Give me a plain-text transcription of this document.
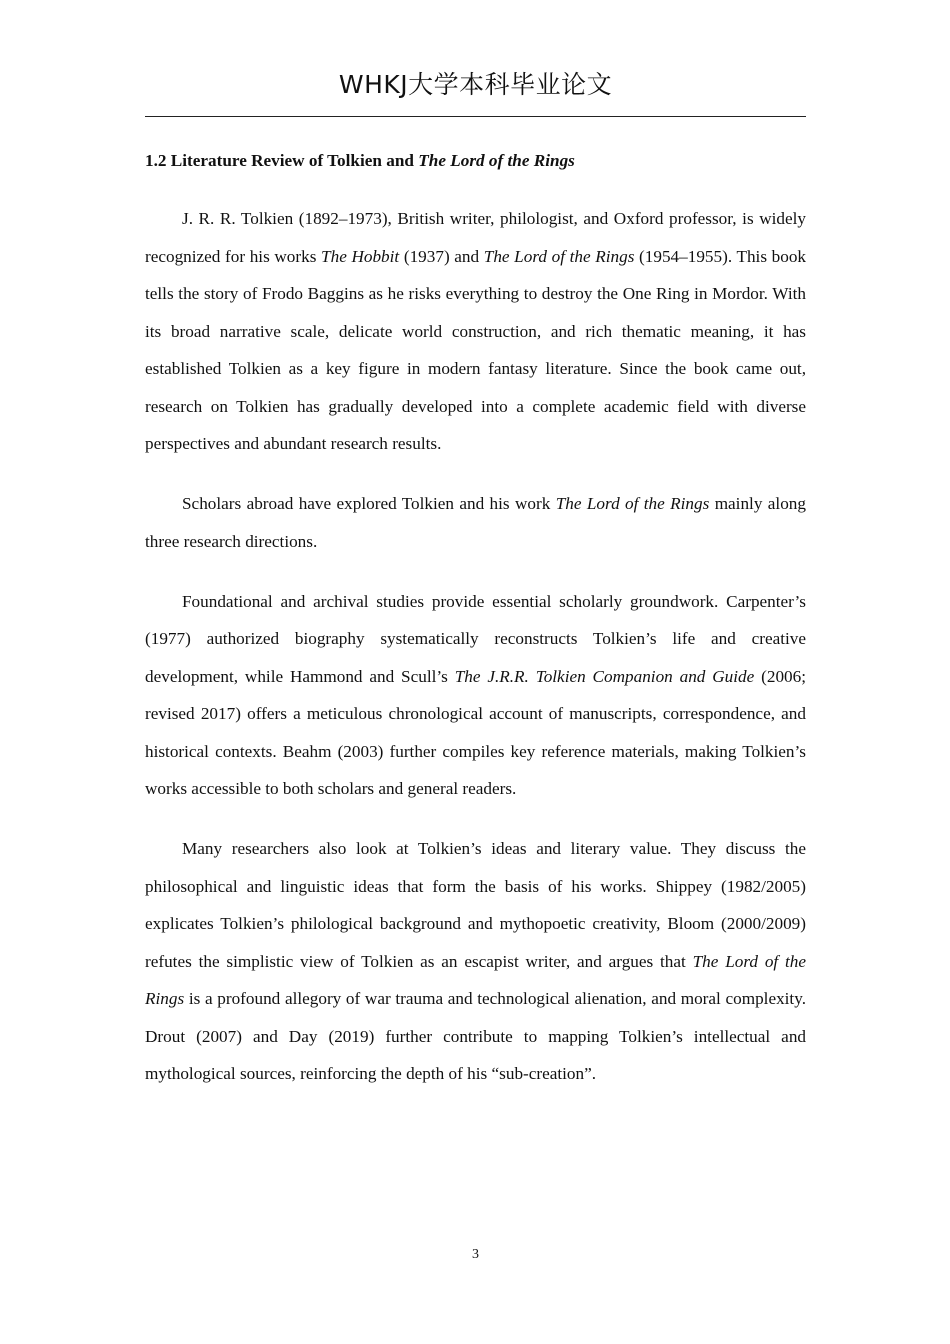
WHKJ大学本科毕业论文
1.2 Literature Review of Tolkien and The Lord of the Rings

J. R. R. Tolkien (1892–1973), British writer, philologist, and Oxford professor, is widely recognized for his works The Hobbit (1937) and The Lord of the Rings (1954–1955). This book tells the story of Frodo Baggins as he risks everything to destroy the One Ring in Mordor. With its broad narrative scale, delicate world construction, and rich thematic meaning, it has established Tolkien as a key figure in modern fantasy literature. Since the book came out, research on Tolkien has gradually developed into a complete academic field with diverse perspectives and abundant research results.

Scholars abroad have explored Tolkien and his work The Lord of the Rings mainly along three research directions.

Foundational and archival studies provide essential scholarly groundwork. Carpenter’s (1977) authorized biography systematically reconstructs Tolkien’s life and creative development, while Hammond and Scull’s The J.R.R. Tolkien Companion and Guide (2006; revised 2017) offers a meticulous chronological account of manuscripts, correspondence, and historical contexts. Beahm (2003) further compiles key reference materials, making Tolkien’s works accessible to both scholars and general readers.

Many researchers also look at Tolkien’s ideas and literary value. They discuss the philosophical and linguistic ideas that form the basis of his works. Shippey (1982/2005) explicates Tolkien’s philological background and mythopoetic creativity, Bloom (2000/2009) refutes the simplistic view of Tolkien as an escapist writer, and argues that The Lord of the Rings is a profound allegory of war trauma and technological alienation, and moral complexity. Drout (2007) and Day (2019) further contribute to mapping Tolkien’s intellectual and mythological sources, reinforcing the depth of his “sub-creation”.

3
